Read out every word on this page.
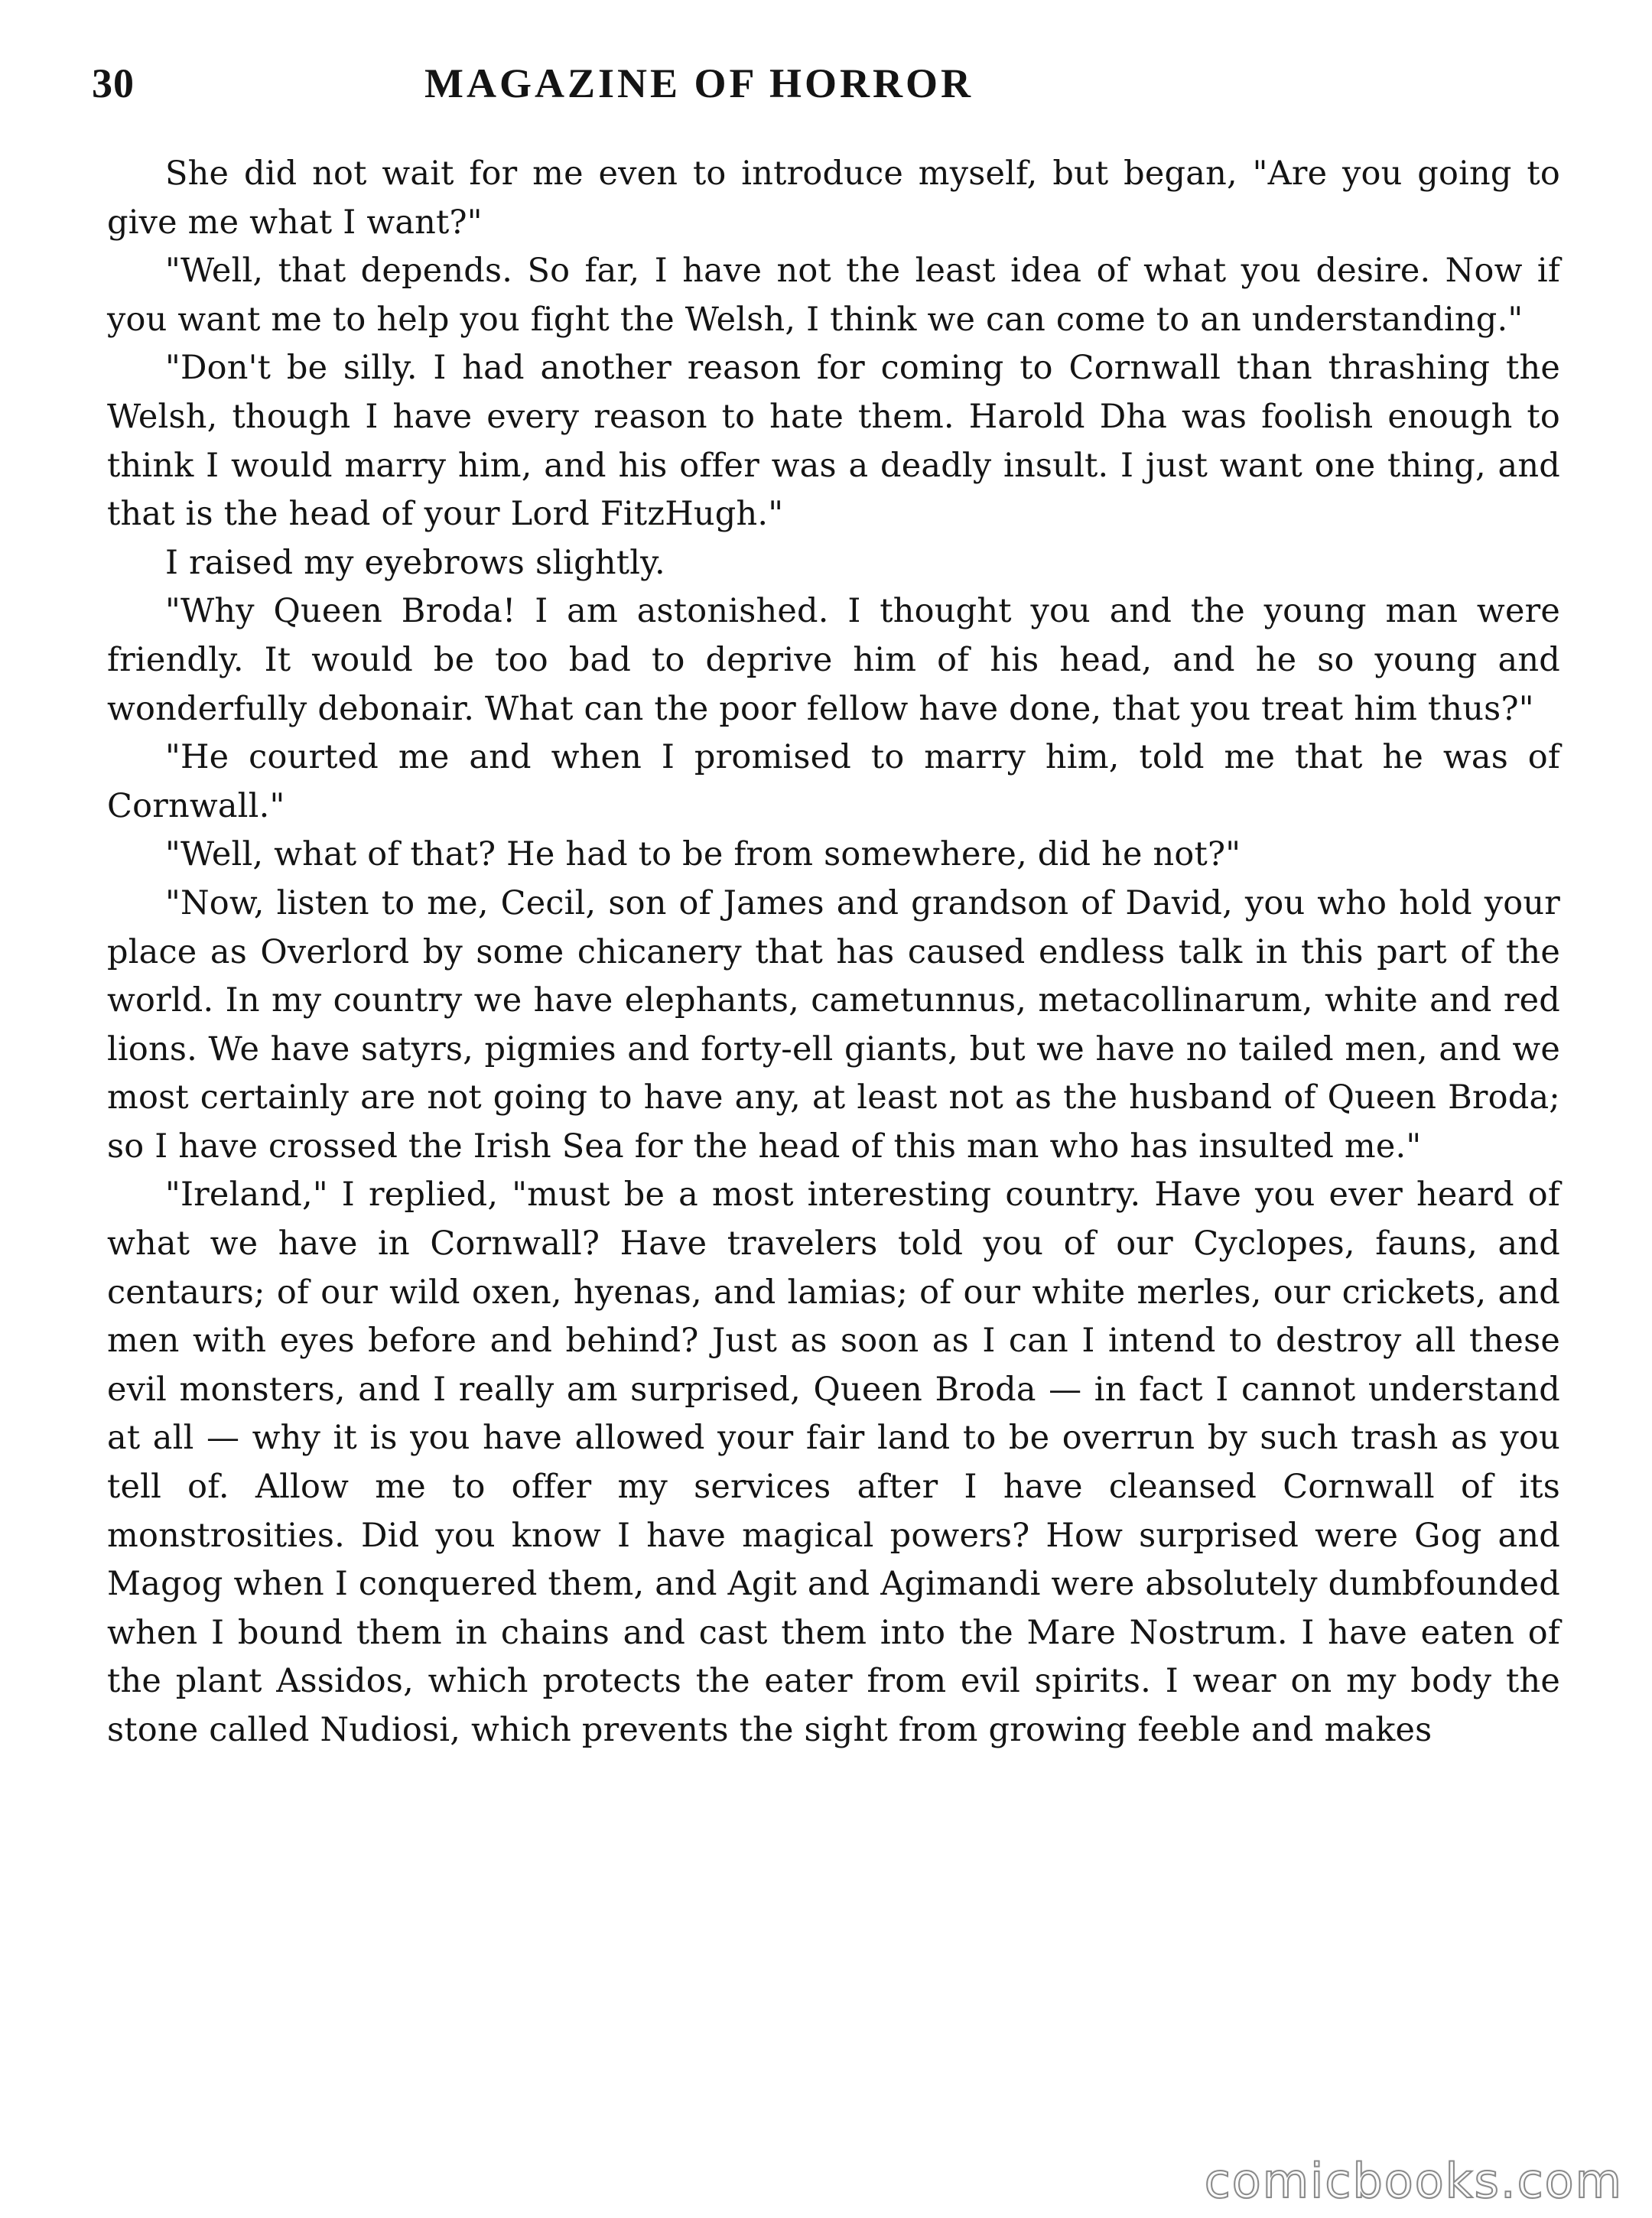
30	MAGAZINE OF HORROR

She did not wait for me even to introduce myself, but began, "Are you going to give me what I want?"

"Well, that depends. So far, I have not the least idea of what you desire. Now if you want me to help you fight the Welsh, I think we can come to an understanding."

"Don't be silly. I had another reason for coming to Cornwall than thrashing the Welsh, though I have every reason to hate them. Harold Dha was foolish enough to think I would marry him, and his offer was a deadly insult. I just want one thing, and that is the head of your Lord FitzHugh."

I raised my eyebrows slightly.

"Why Queen Broda! I am astonished. I thought you and the young man were friendly. It would be too bad to deprive him of his head, and he so young and wonderfully debonair. What can the poor fellow have done, that you treat him thus?"

"He courted me and when I promised to marry him, told me that he was of Cornwall."

"Well, what of that? He had to be from somewhere, did he not?"

"Now, listen to me, Cecil, son of James and grandson of David, you who hold your place as Overlord by some chicanery that has caused endless talk in this part of the world. In my country we have elephants, cametunnus, metacollinarum, white and red lions. We have satyrs, pigmies and forty-ell giants, but we have no tailed men, and we most certainly are not going to have any, at least not as the husband of Queen Broda; so I have crossed the Irish Sea for the head of this man who has insulted me."

"Ireland," I replied, "must be a most interesting country. Have you ever heard of what we have in Cornwall? Have travelers told you of our Cyclopes, fauns, and centaurs; of our wild oxen, hyenas, and lamias; of our white merles, our crickets, and men with eyes before and behind? Just as soon as I can I intend to destroy all these evil monsters, and I really am surprised, Queen Broda — in fact I cannot understand at all — why it is you have allowed your fair land to be overrun by such trash as you tell of. Allow me to offer my services after I have cleansed Cornwall of its monstrosities. Did you know I have magical powers? How surprised were Gog and Magog when I conquered them, and Agit and Agimandi were absolutely dumbfounded when I bound them in chains and cast them into the Mare Nostrum. I have eaten of the plant Assidos, which protects the eater from evil spirits. I wear on my body the stone called Nudiosi, which prevents the sight from growing feeble and makes

comicbooks.com
